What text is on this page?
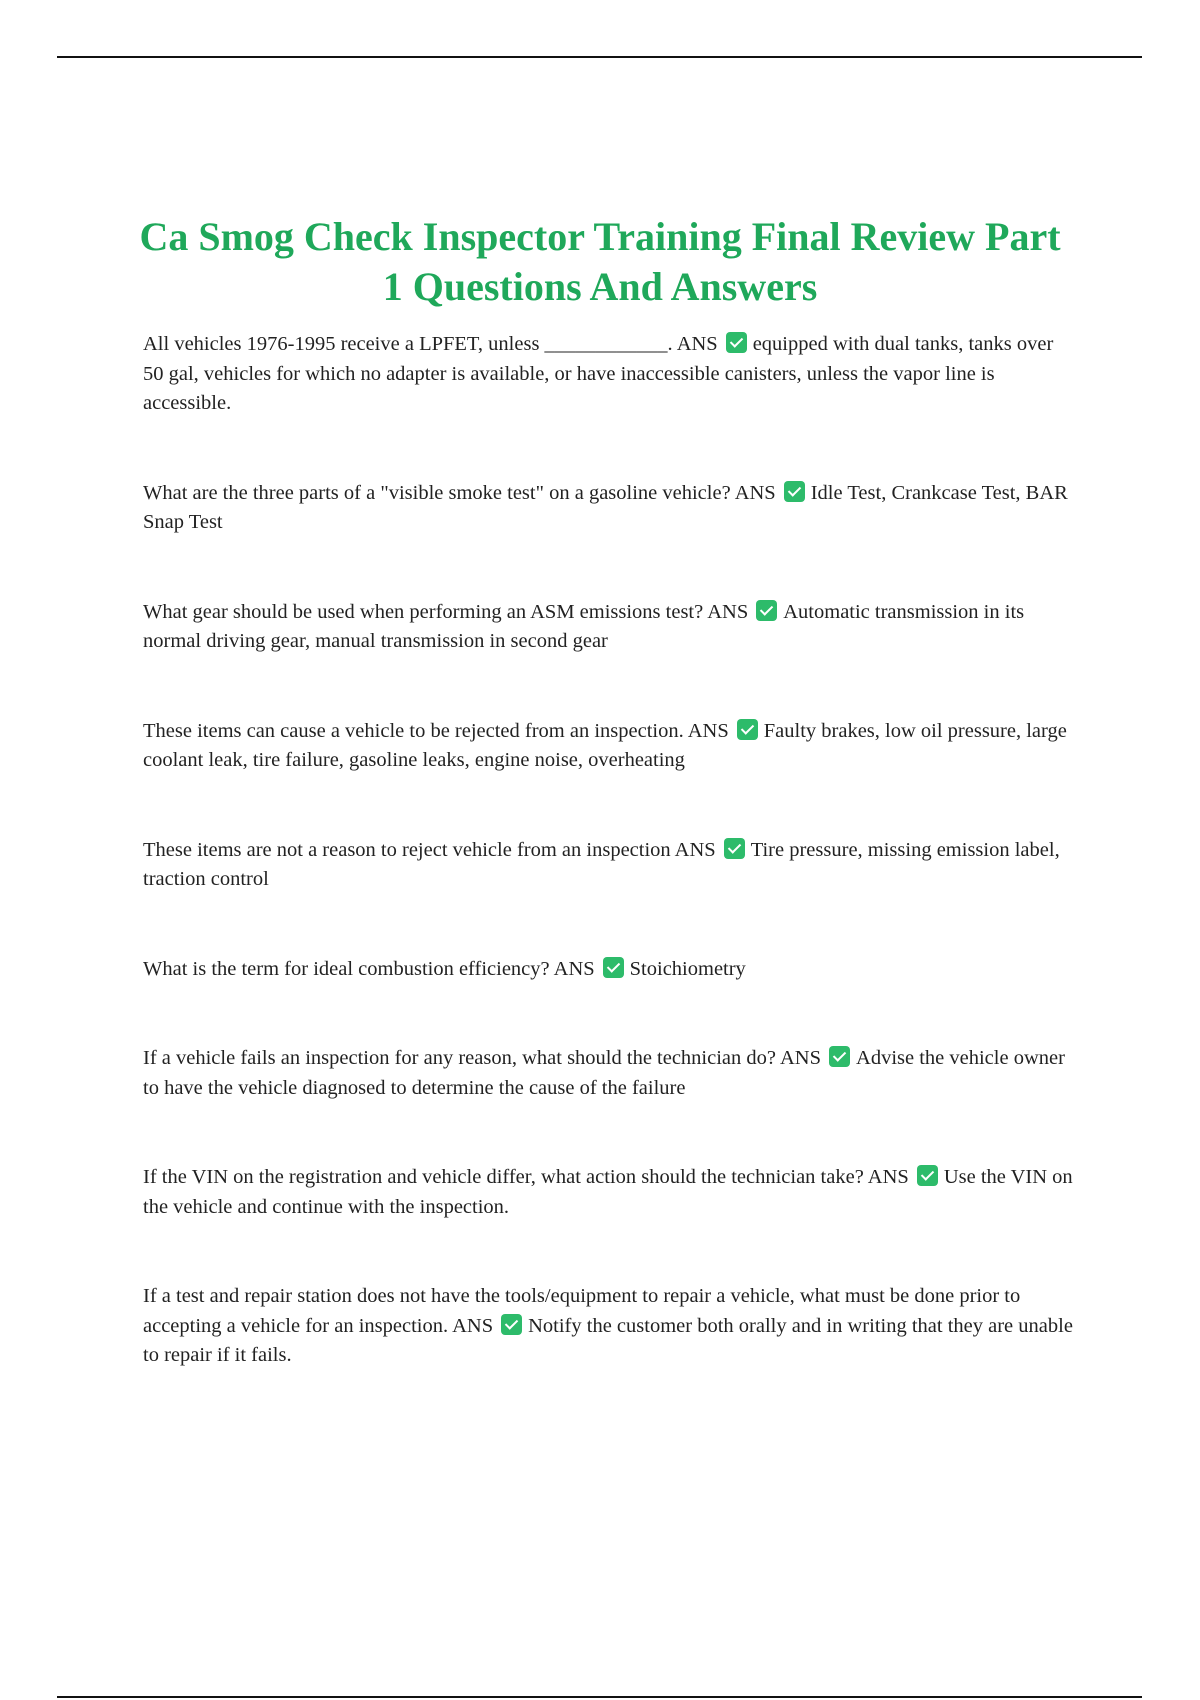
Ca Smog Check Inspector Training Final Review Part 1 Questions And Answers

All vehicles 1976-1995 receive a LPFET, unless ____________. ANS equipped with dual tanks, tanks over 50 gal, vehicles for which no adapter is available, or have inaccessible canisters, unless the vapor line is accessible.

What are the three parts of a "visible smoke test" on a gasoline vehicle? ANS Idle Test, Crankcase Test, BAR Snap Test

What gear should be used when performing an ASM emissions test? ANS Automatic transmission in its normal driving gear, manual transmission in second gear

These items can cause a vehicle to be rejected from an inspection. ANS Faulty brakes, low oil pressure, large coolant leak, tire failure, gasoline leaks, engine noise, overheating

These items are not a reason to reject vehicle from an inspection ANS Tire pressure, missing emission label, traction control

What is the term for ideal combustion efficiency? ANS Stoichiometry

If a vehicle fails an inspection for any reason, what should the technician do? ANS Advise the vehicle owner to have the vehicle diagnosed to determine the cause of the failure

If the VIN on the registration and vehicle differ, what action should the technician take? ANS Use the VIN on the vehicle and continue with the inspection.

If a test and repair station does not have the tools/equipment to repair a vehicle, what must be done prior to accepting a vehicle for an inspection. ANS Notify the customer both orally and in writing that they are unable to repair if it fails.
